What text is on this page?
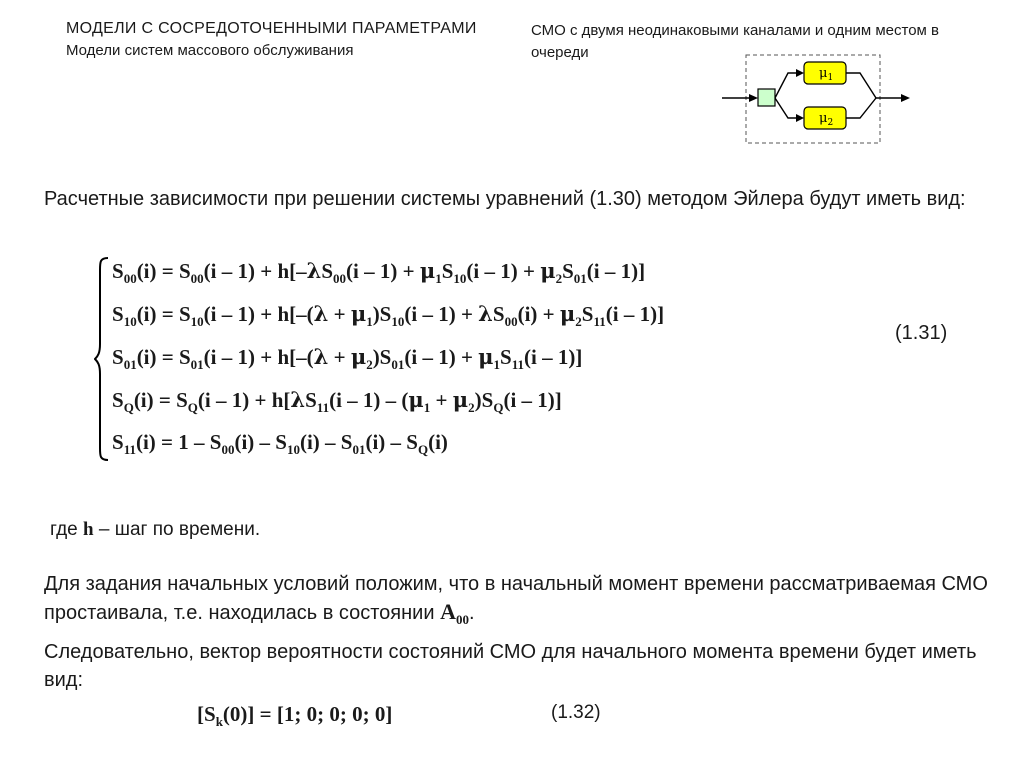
МОДЕЛИ С СОСРЕДОТОЧЕННЫМИ ПАРАМЕТРАМИ
Модели систем массового обслуживания
СМО с двумя неодинаковыми каналами и одним местом в очереди
$\mu_1$
$\mu_2$
Расчетные зависимости при решении системы уравнений (1.30) методом Эйлера будут иметь вид:
$S_{00}(i) = S_{00}(i - 1) + h[-\lambda S_{00}(i - 1) + \mu_1S_{10}(i - 1) + \mu_2S_{01}(i - 1)]$
$S_{10}(i) = S_{10}(i - 1) + h[-(\lambda + \mu_1)S_{10}(i - 1) + \lambda S_{00}(i) + \mu_2S_{11}(i - 1)]$
$S_{01}(i) = S_{01}(i - 1) + h[-(\lambda + \mu_2)S_{01}(i - 1) + \mu_1S_{11}(i - 1)]$
$S_Q(i) = S_Q(i - 1) + h[\lambda S_{11}(i - 1) - (\mu_1 + \mu_2)S_Q(i - 1)]$
$S_{11}(i) = 1 - S_{00}(i) - S_{10}(i) - S_{01}(i) - S_Q(i)$
(1.31)
где h – шаг по времени.
Для задания начальных условий положим, что в начальный момент времени рассматриваемая СМО простаивала, т.е. находилась в состоянии $A_{00}$.
Следовательно, вектор вероятности состояний СМО для начального момента времени будет иметь вид:
$[S_k(0)] = [1$; 0; 0; 0; 0]	(1.32)
